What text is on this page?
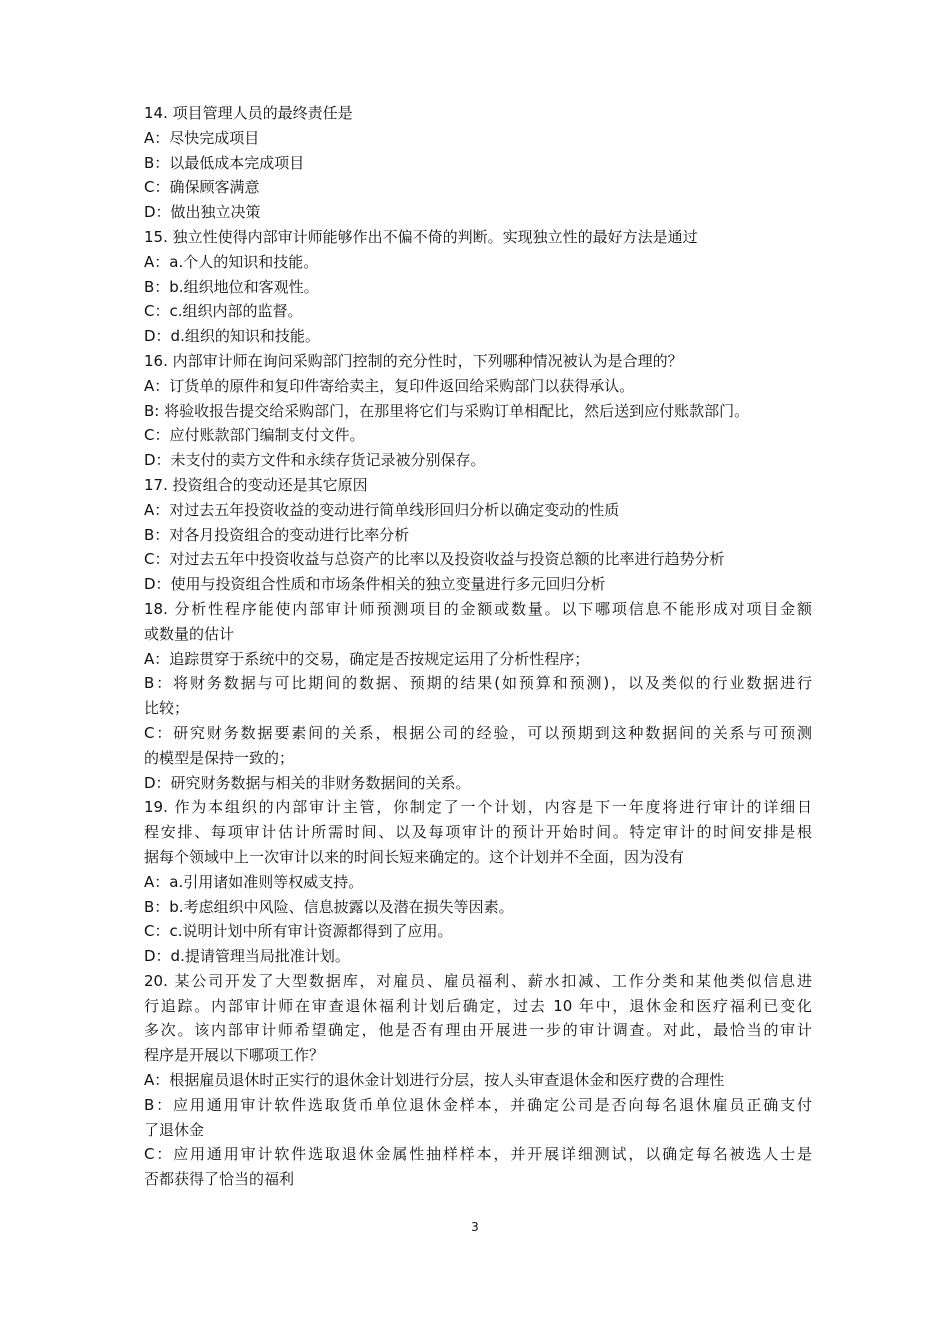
14. 项目管理人员的最终责任是
A：尽快完成项目
B：以最低成本完成项目
C：确保顾客满意
D：做出独立决策
15. 独立性使得内部审计师能够作出不偏不倚的判断。实现独立性的最好方法是通过
A：a.个人的知识和技能。
B：b.组织地位和客观性。
C：c.组织内部的监督。
D：d.组织的知识和技能。
16. 内部审计师在询问采购部门控制的充分性时，下列哪种情况被认为是合理的？
A：订货单的原件和复印件寄给卖主，复印件返回给采购部门以获得承认。
B: 将验收报告提交给采购部门，在那里将它们与采购订单相配比，然后送到应付账款部门。
C：应付账款部门编制支付文件。
D：未支付的卖方文件和永续存货记录被分别保存。
17. 投资组合的变动还是其它原因
A：对过去五年投资收益的变动进行简单线形回归分析以确定变动的性质
B：对各月投资组合的变动进行比率分析
C：对过去五年中投资收益与总资产的比率以及投资收益与投资总额的比率进行趋势分析
D：使用与投资组合性质和市场条件相关的独立变量进行多元回归分析
18. 分析性程序能使内部审计师预测项目的金额或数量。以下哪项信息不能形成对项目金额
或数量的估计
A：追踪贯穿于系统中的交易，确定是否按规定运用了分析性程序；
B：将财务数据与可比期间的数据、预期的结果(如预算和预测)，以及类似的行业数据进行
比较；
C：研究财务数据要素间的关系，根据公司的经验，可以预期到这种数据间的关系与可预测
的模型是保持一致的；
D：研究财务数据与相关的非财务数据间的关系。
19. 作为本组织的内部审计主管，你制定了一个计划，内容是下一年度将进行审计的详细日
程安排、每项审计估计所需时间、以及每项审计的预计开始时间。特定审计的时间安排是根
据每个领域中上一次审计以来的时间长短来确定的。这个计划并不全面，因为没有
A：a.引用诸如准则等权威支持。
B：b.考虑组织中风险、信息披露以及潜在损失等因素。
C：c.说明计划中所有审计资源都得到了应用。
D：d.提请管理当局批准计划。
20. 某公司开发了大型数据库，对雇员、雇员福利、薪水扣减、工作分类和某他类似信息进
行追踪。内部审计师在审查退休福利计划后确定，过去 10 年中，退休金和医疗福利已变化
多次。该内部审计师希望确定，他是否有理由开展进一步的审计调查。对此，最恰当的审计
程序是开展以下哪项工作？
A：根据雇员退休时正实行的退休金计划进行分层，按人头审查退休金和医疗费的合理性
B：应用通用审计软件选取货币单位退休金样本，并确定公司是否向每名退休雇员正确支付
了退休金
C：应用通用审计软件选取退休金属性抽样样本，并开展详细测试，以确定每名被选人士是
否都获得了恰当的福利
3
